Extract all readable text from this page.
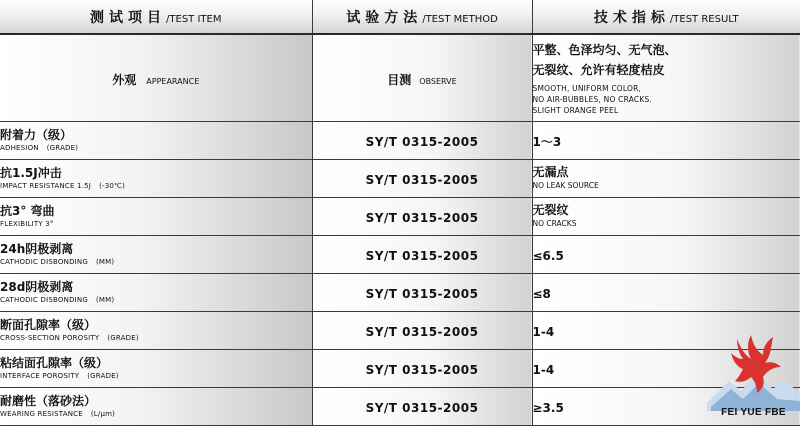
测试项目/TEST ITEM	试验方法/TEST METHOD	技术指标/TEST RESULT
外观 APPEARANCE	目测 OBSERVE	平整、色泽均匀、无气泡、
无裂纹、允许有轻度桔皮
SMOOTH, UNIFORM COLOR,
NO AIR-BUBBLES, NO CRACKS.
SLIGHT ORANGE PEEL

附着力（级）
ADHESION (GRADE)	SY/T 0315-2005	1～3

抗1.5J冲击
IMPACT RESISTANCE 1.5J (-30℃)	SY/T 0315-2005	无漏点
NO LEAK SOURCE

抗3° 弯曲
FLEXIBILITY 3°	SY/T 0315-2005	无裂纹
NO CRACKS

24h阴极剥离
CATHODIC DISBONDING (MM)	SY/T 0315-2005	≤6.5

28d阴极剥离
CATHODIC DISBONDING (MM)	SY/T 0315-2005	≤8

断面孔隙率（级）
CROSS-SECTION POROSITY (GRADE)	SY/T 0315-2005	1-4

粘结面孔隙率（级）
INTERFACE POROSITY (GRADE)	SY/T 0315-2005	1-4

耐磨性（落砂法）
WEARING RESISTANCE (L/μm)	SY/T 0315-2005	≥3.5	FEI YUE FBE
